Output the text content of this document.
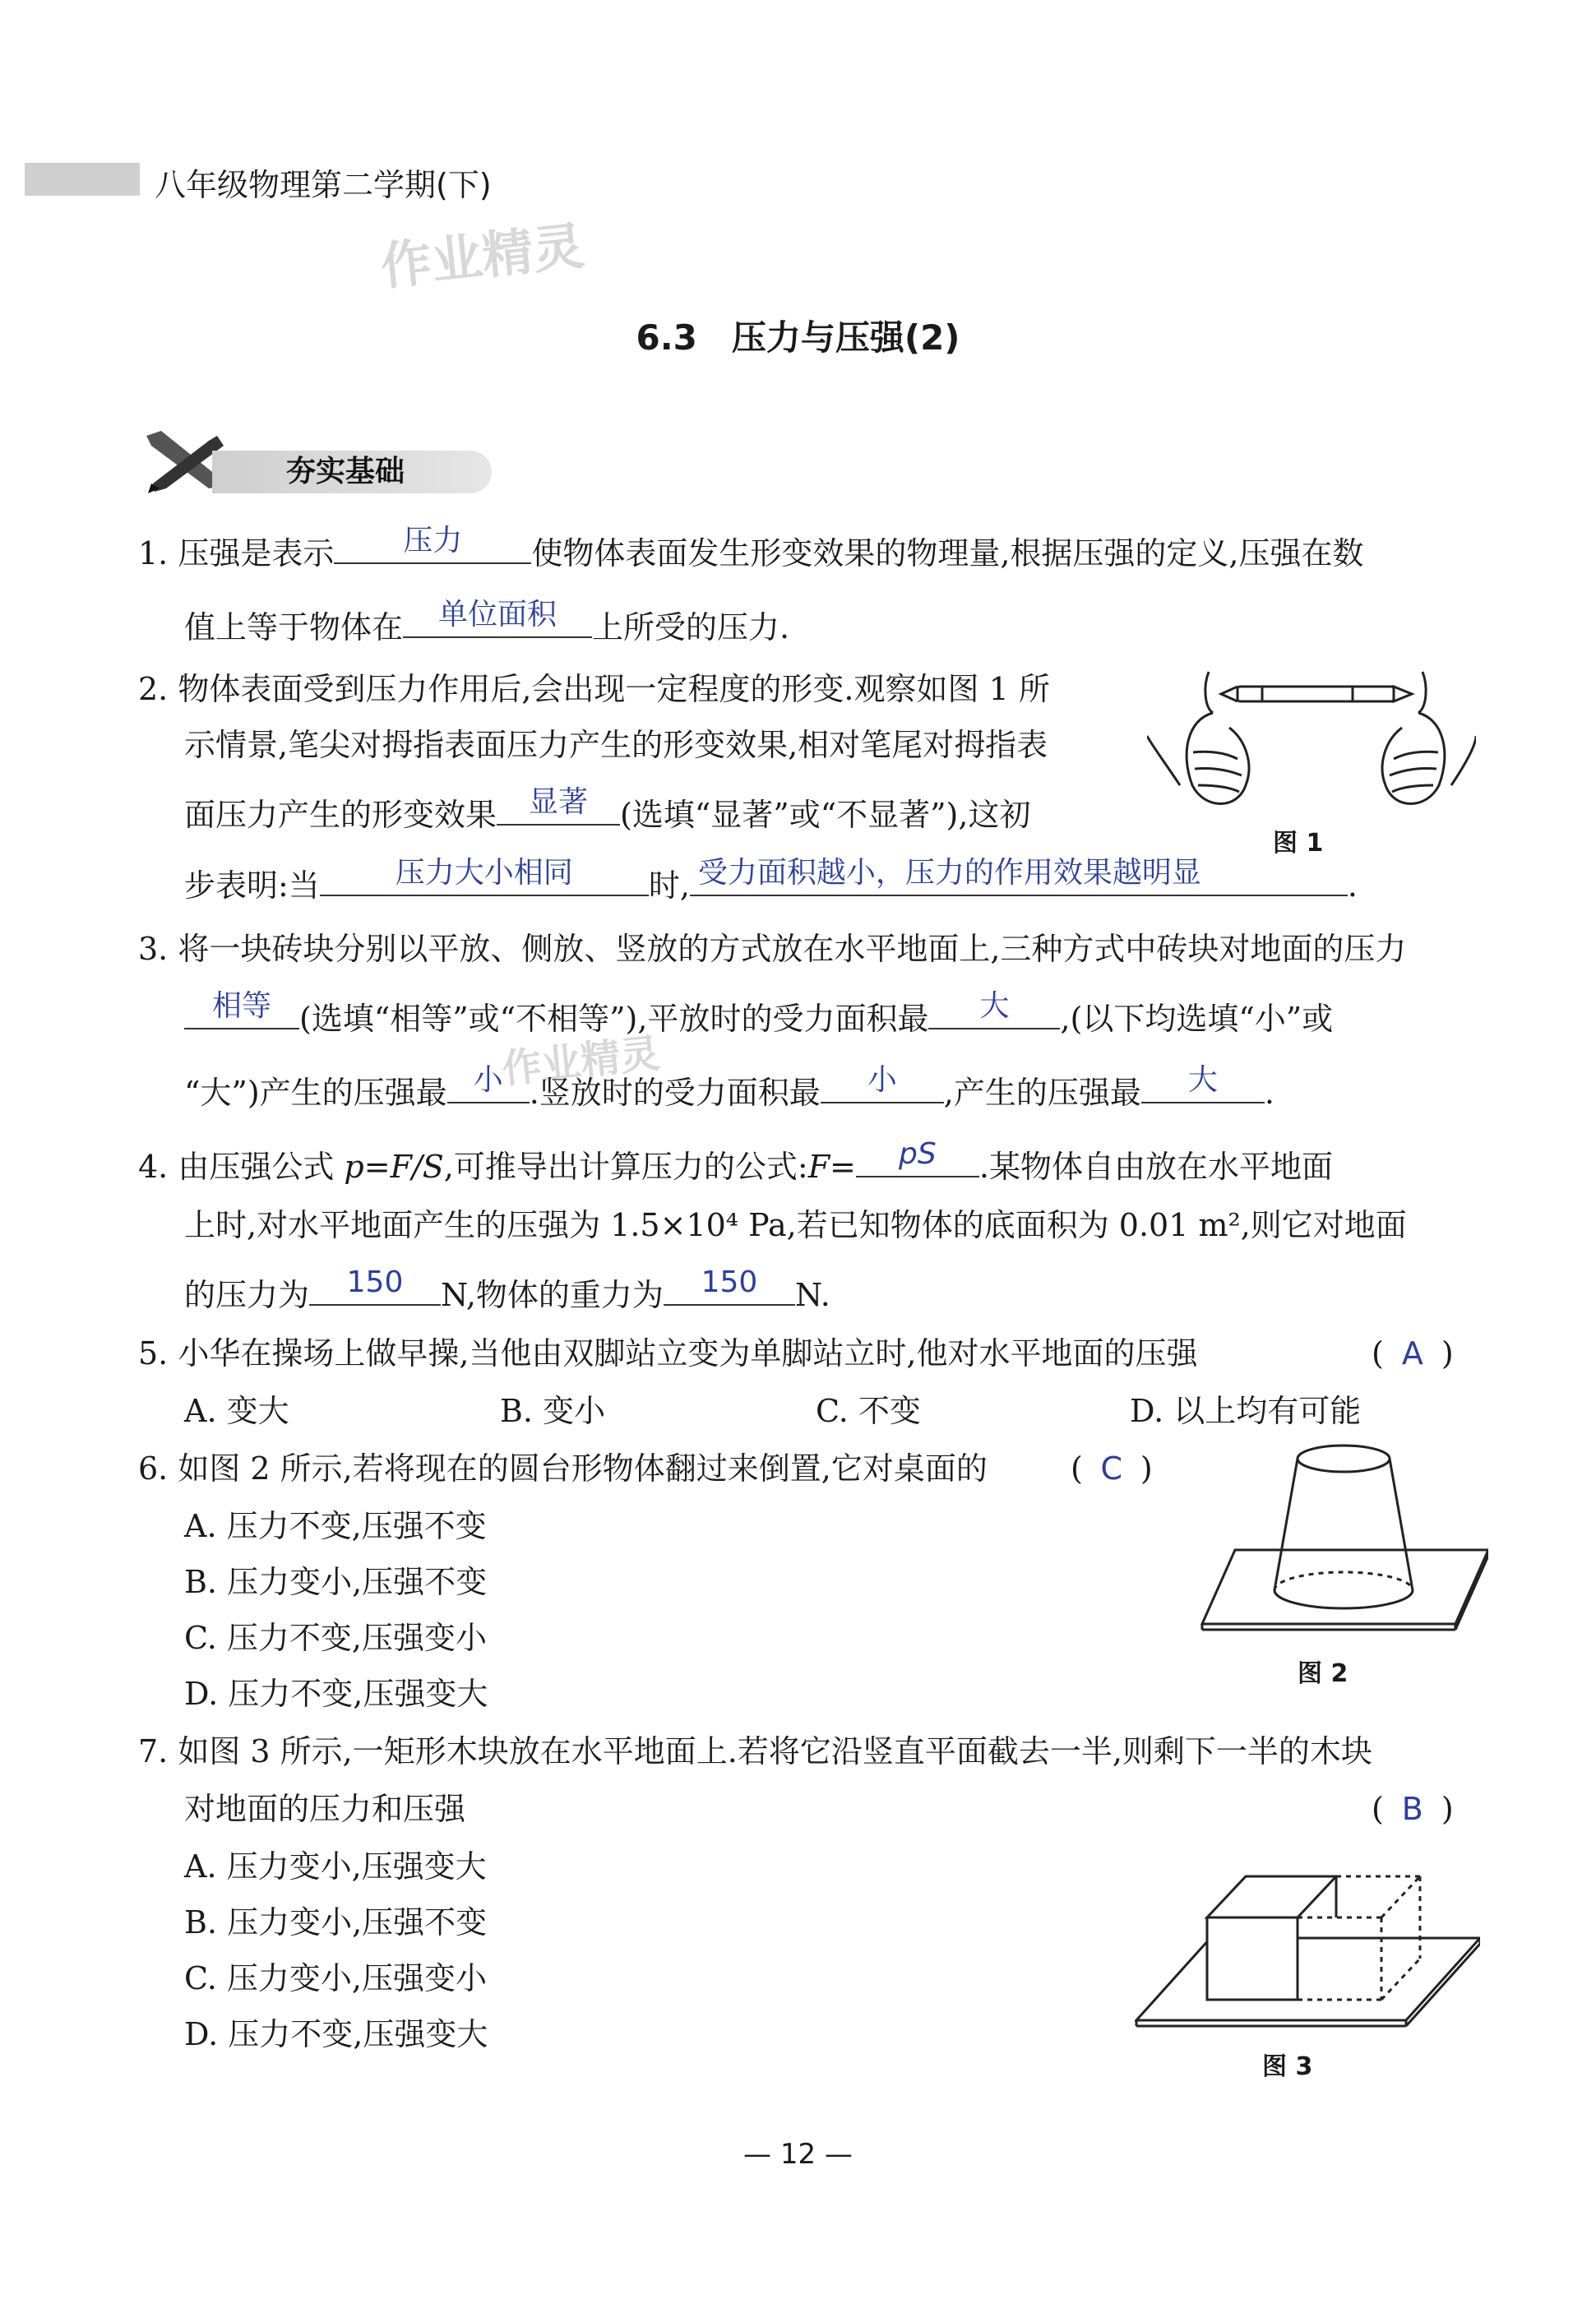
八年级物理第二学期(下)
作业精灵
作业精灵
6.3　压力与压强(2)
夯实基础
1. 压强是表示	压力	使物体表面发生形变效果的物理量,根据压强的定义,压强在数
值上等于物体在	单位面积	上所受的压力.
2. 物体表面受到压力作用后,会出现一定程度的形变.观察如图 1 所
示情景,笔尖对拇指表面压力产生的形变效果,相对笔尾对拇指表
面压力产生的形变效果	显著	(选填“显著”或“不显著”),这初
步表明:当	压力大小相同	时, 受力面积越小，压力的作用效果越明显	.
图 1
3. 将一块砖块分别以平放、侧放、竖放的方式放在水平地面上,三种方式中砖块对地面的压力
相等 (选填“相等”或“不相等”),平放时的受力面积最	大	,(以下均选填“小”或
“大”)产生的压强最 小 .竖放时的受力面积最	小	,产生的压强最	大	.
4. 由压强公式 p=F/S,可推导出计算压力的公式:F=	pS	.某物体自由放在水平地面
上时,对水平地面产生的压强为 1.5×10⁴ Pa,若已知物体的底面积为 0.01 m²,则它对地面
的压力为	150	N,物体的重力为	150	N.
5. 小华在操场上做早操,当他由双脚站立变为单脚站立时,他对水平地面的压强	( A )
A. 变大	B. 变小	C. 不变	D. 以上均有可能
6. 如图 2 所示,若将现在的圆台形物体翻过来倒置,它对桌面的	( C )
A. 压力不变,压强不变
B. 压力变小,压强不变
C. 压力不变,压强变小
D. 压力不变,压强变大
图 2
7. 如图 3 所示,一矩形木块放在水平地面上.若将它沿竖直平面截去一半,则剩下一半的木块
对地面的压力和压强	( B )
A. 压力变小,压强变大
B. 压力变小,压强不变
C. 压力变小,压强变小
D. 压力不变,压强变大
图 3
— 12 —
